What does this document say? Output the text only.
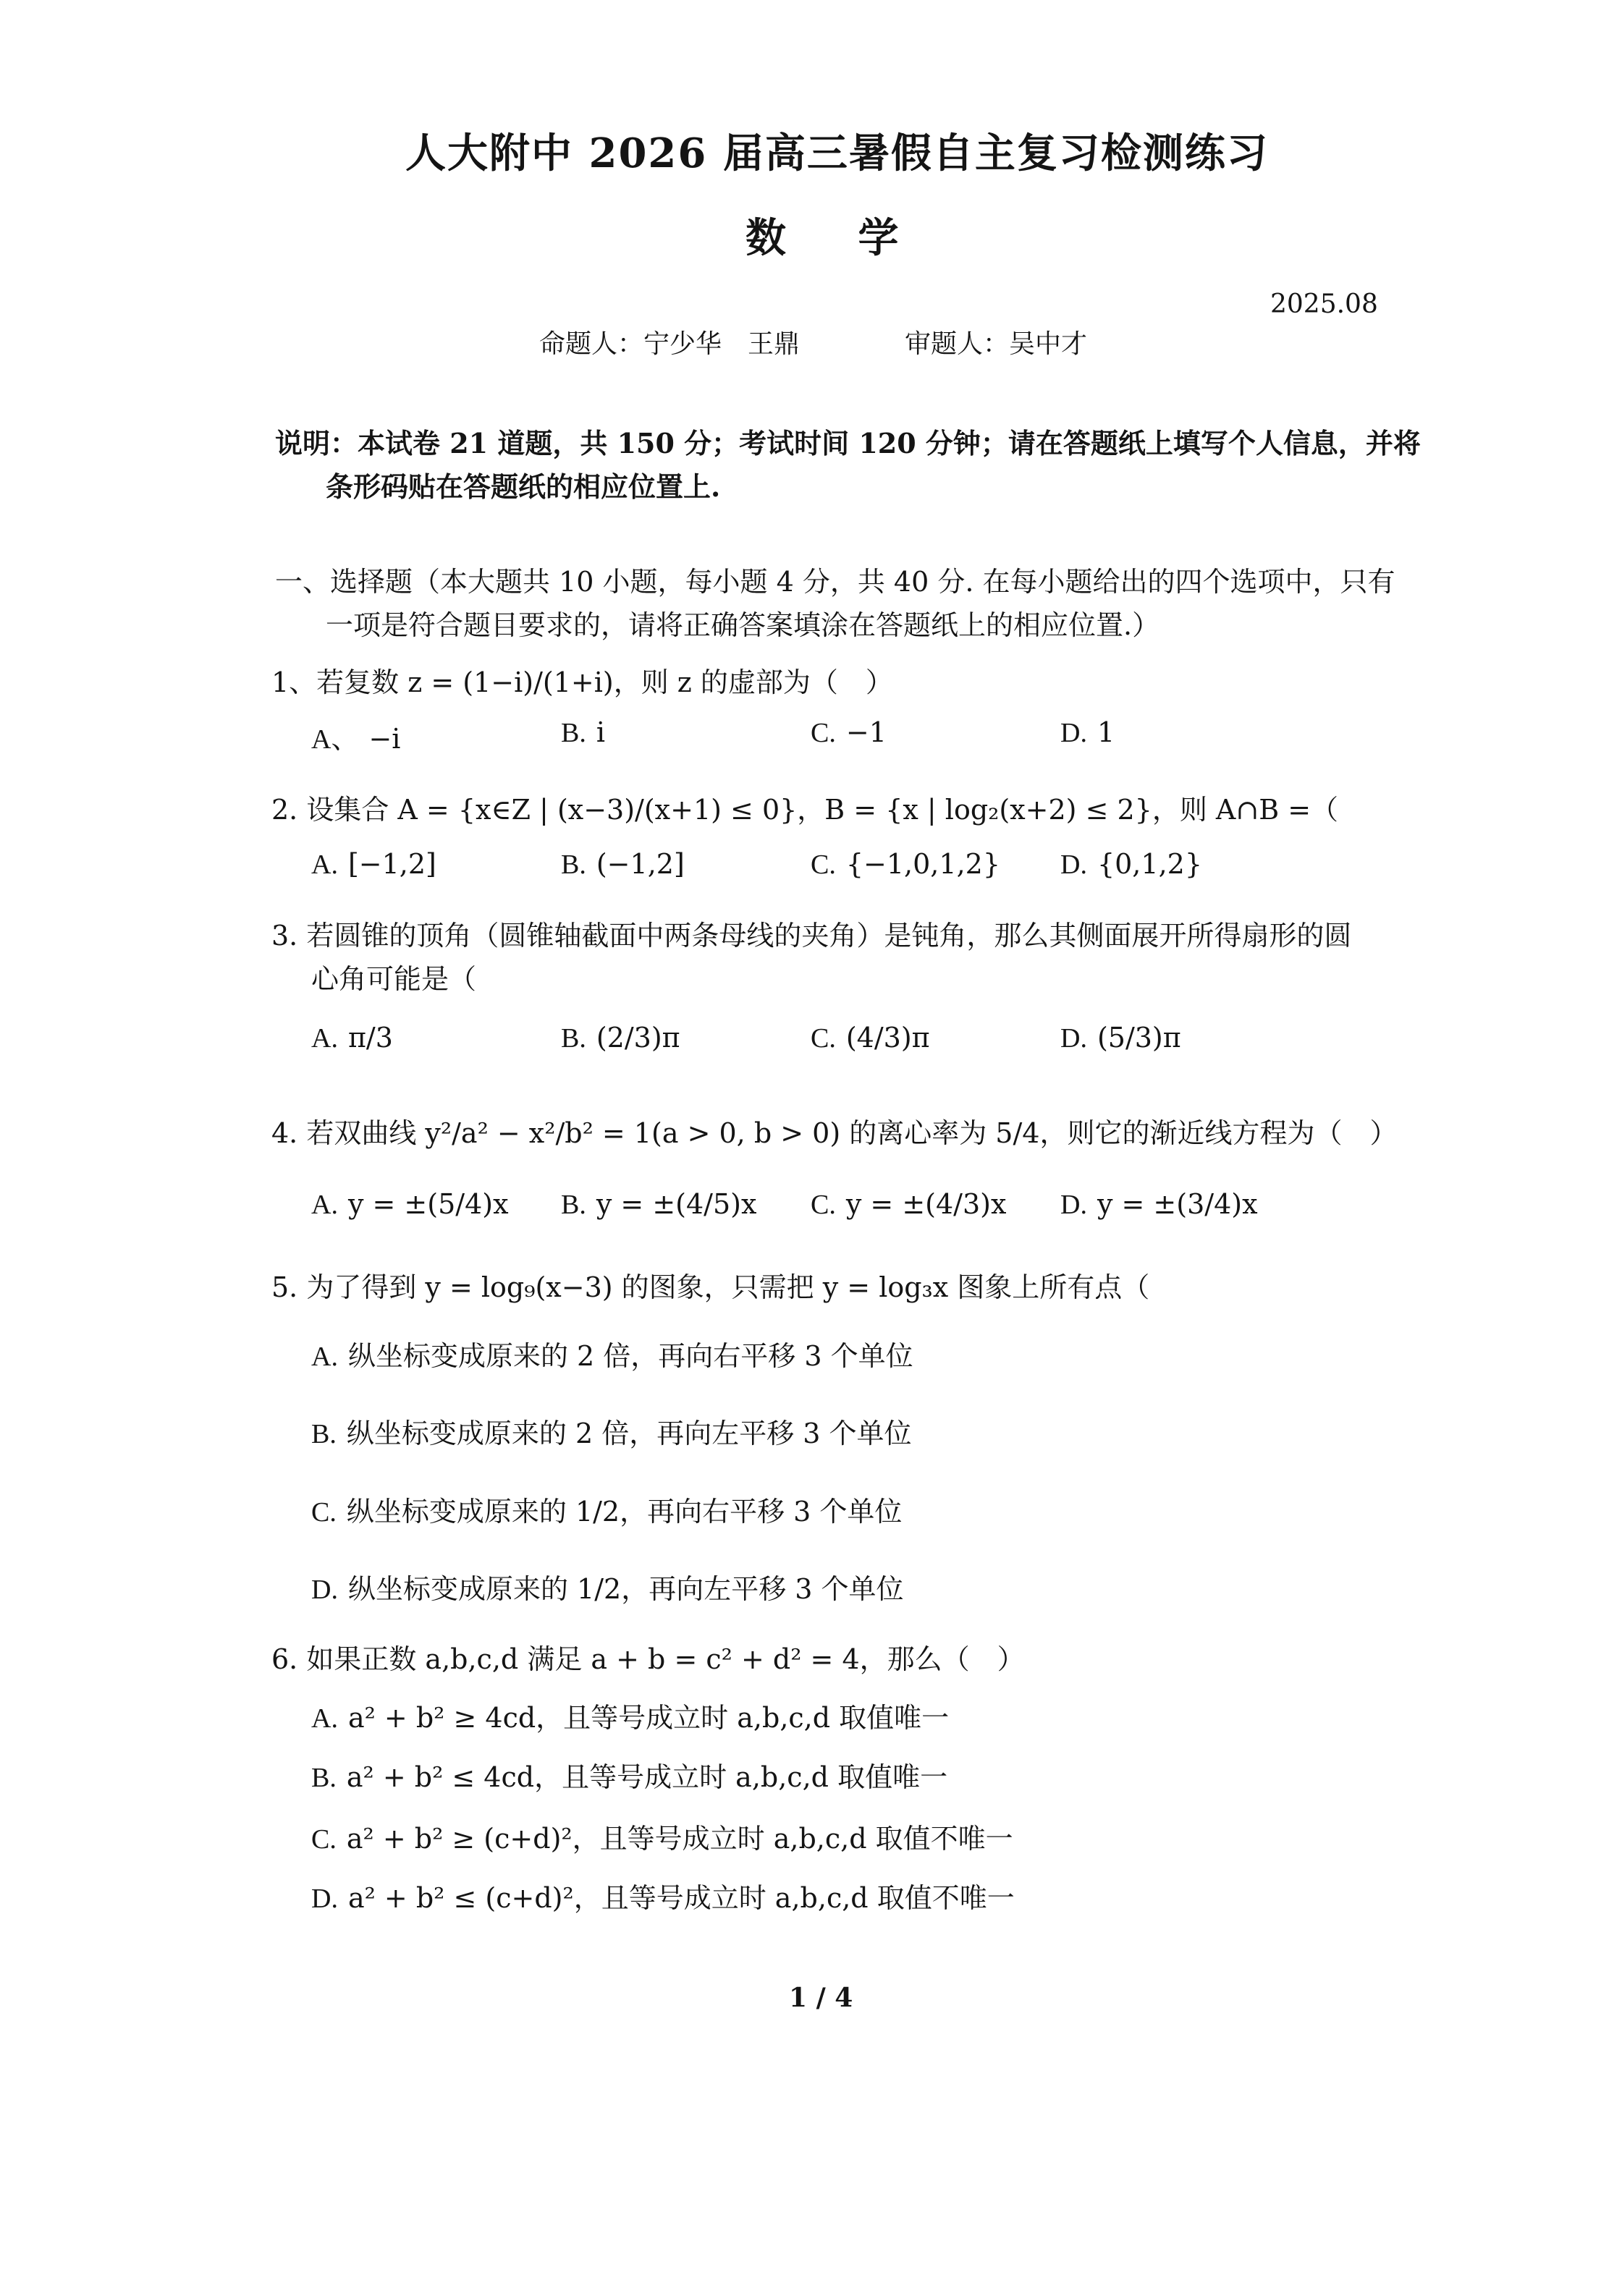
人大附中 2026 届高三暑假自主复习检测练习
数 学
2025.08
命题人：宁少华　王鼎	审题人：吴中才
说明：本试卷 21 道题，共 150 分；考试时间 120 分钟；请在答题纸上填写个人信息，并将
条形码贴在答题纸的相应位置上.
一、选择题（本大题共 10 小题，每小题 4 分，共 40 分. 在每小题给出的四个选项中，只有
一项是符合题目要求的，请将正确答案填涂在答题纸上的相应位置.）
1、若复数 z = (1−i)/(1+i)，则 z 的虚部为（　）
A、 −i	B. i	C. −1	D. 1
2. 设集合 A = {x∈Z | (x−3)/(x+1) ≤ 0}，B = {x | log₂(x+2) ≤ 2}，则 A∩B =（
A. [−1,2]	B. (−1,2]	C. {−1,0,1,2}	D. {0,1,2}
3. 若圆锥的顶角（圆锥轴截面中两条母线的夹角）是钝角，那么其侧面展开所得扇形的圆
心角可能是（
A. π/3	B. (2/3)π	C. (4/3)π	D. (5/3)π
4. 若双曲线 y²/a² − x²/b² = 1(a > 0, b > 0) 的离心率为 5/4，则它的渐近线方程为（　）
A. y = ±(5/4)x	B. y = ±(4/5)x	C. y = ±(4/3)x	D. y = ±(3/4)x
5. 为了得到 y = log₉(x−3) 的图象，只需把 y = log₃x 图象上所有点（
A. 纵坐标变成原来的 2 倍，再向右平移 3 个单位
B. 纵坐标变成原来的 2 倍，再向左平移 3 个单位
C. 纵坐标变成原来的 1/2，再向右平移 3 个单位
D. 纵坐标变成原来的 1/2，再向左平移 3 个单位
6. 如果正数 a,b,c,d 满足 a + b = c² + d² = 4，那么（　）
A. a² + b² ≥ 4cd，且等号成立时 a,b,c,d 取值唯一
B. a² + b² ≤ 4cd，且等号成立时 a,b,c,d 取值唯一
C. a² + b² ≥ (c+d)²，且等号成立时 a,b,c,d 取值不唯一
D. a² + b² ≤ (c+d)²，且等号成立时 a,b,c,d 取值不唯一
1 / 4
